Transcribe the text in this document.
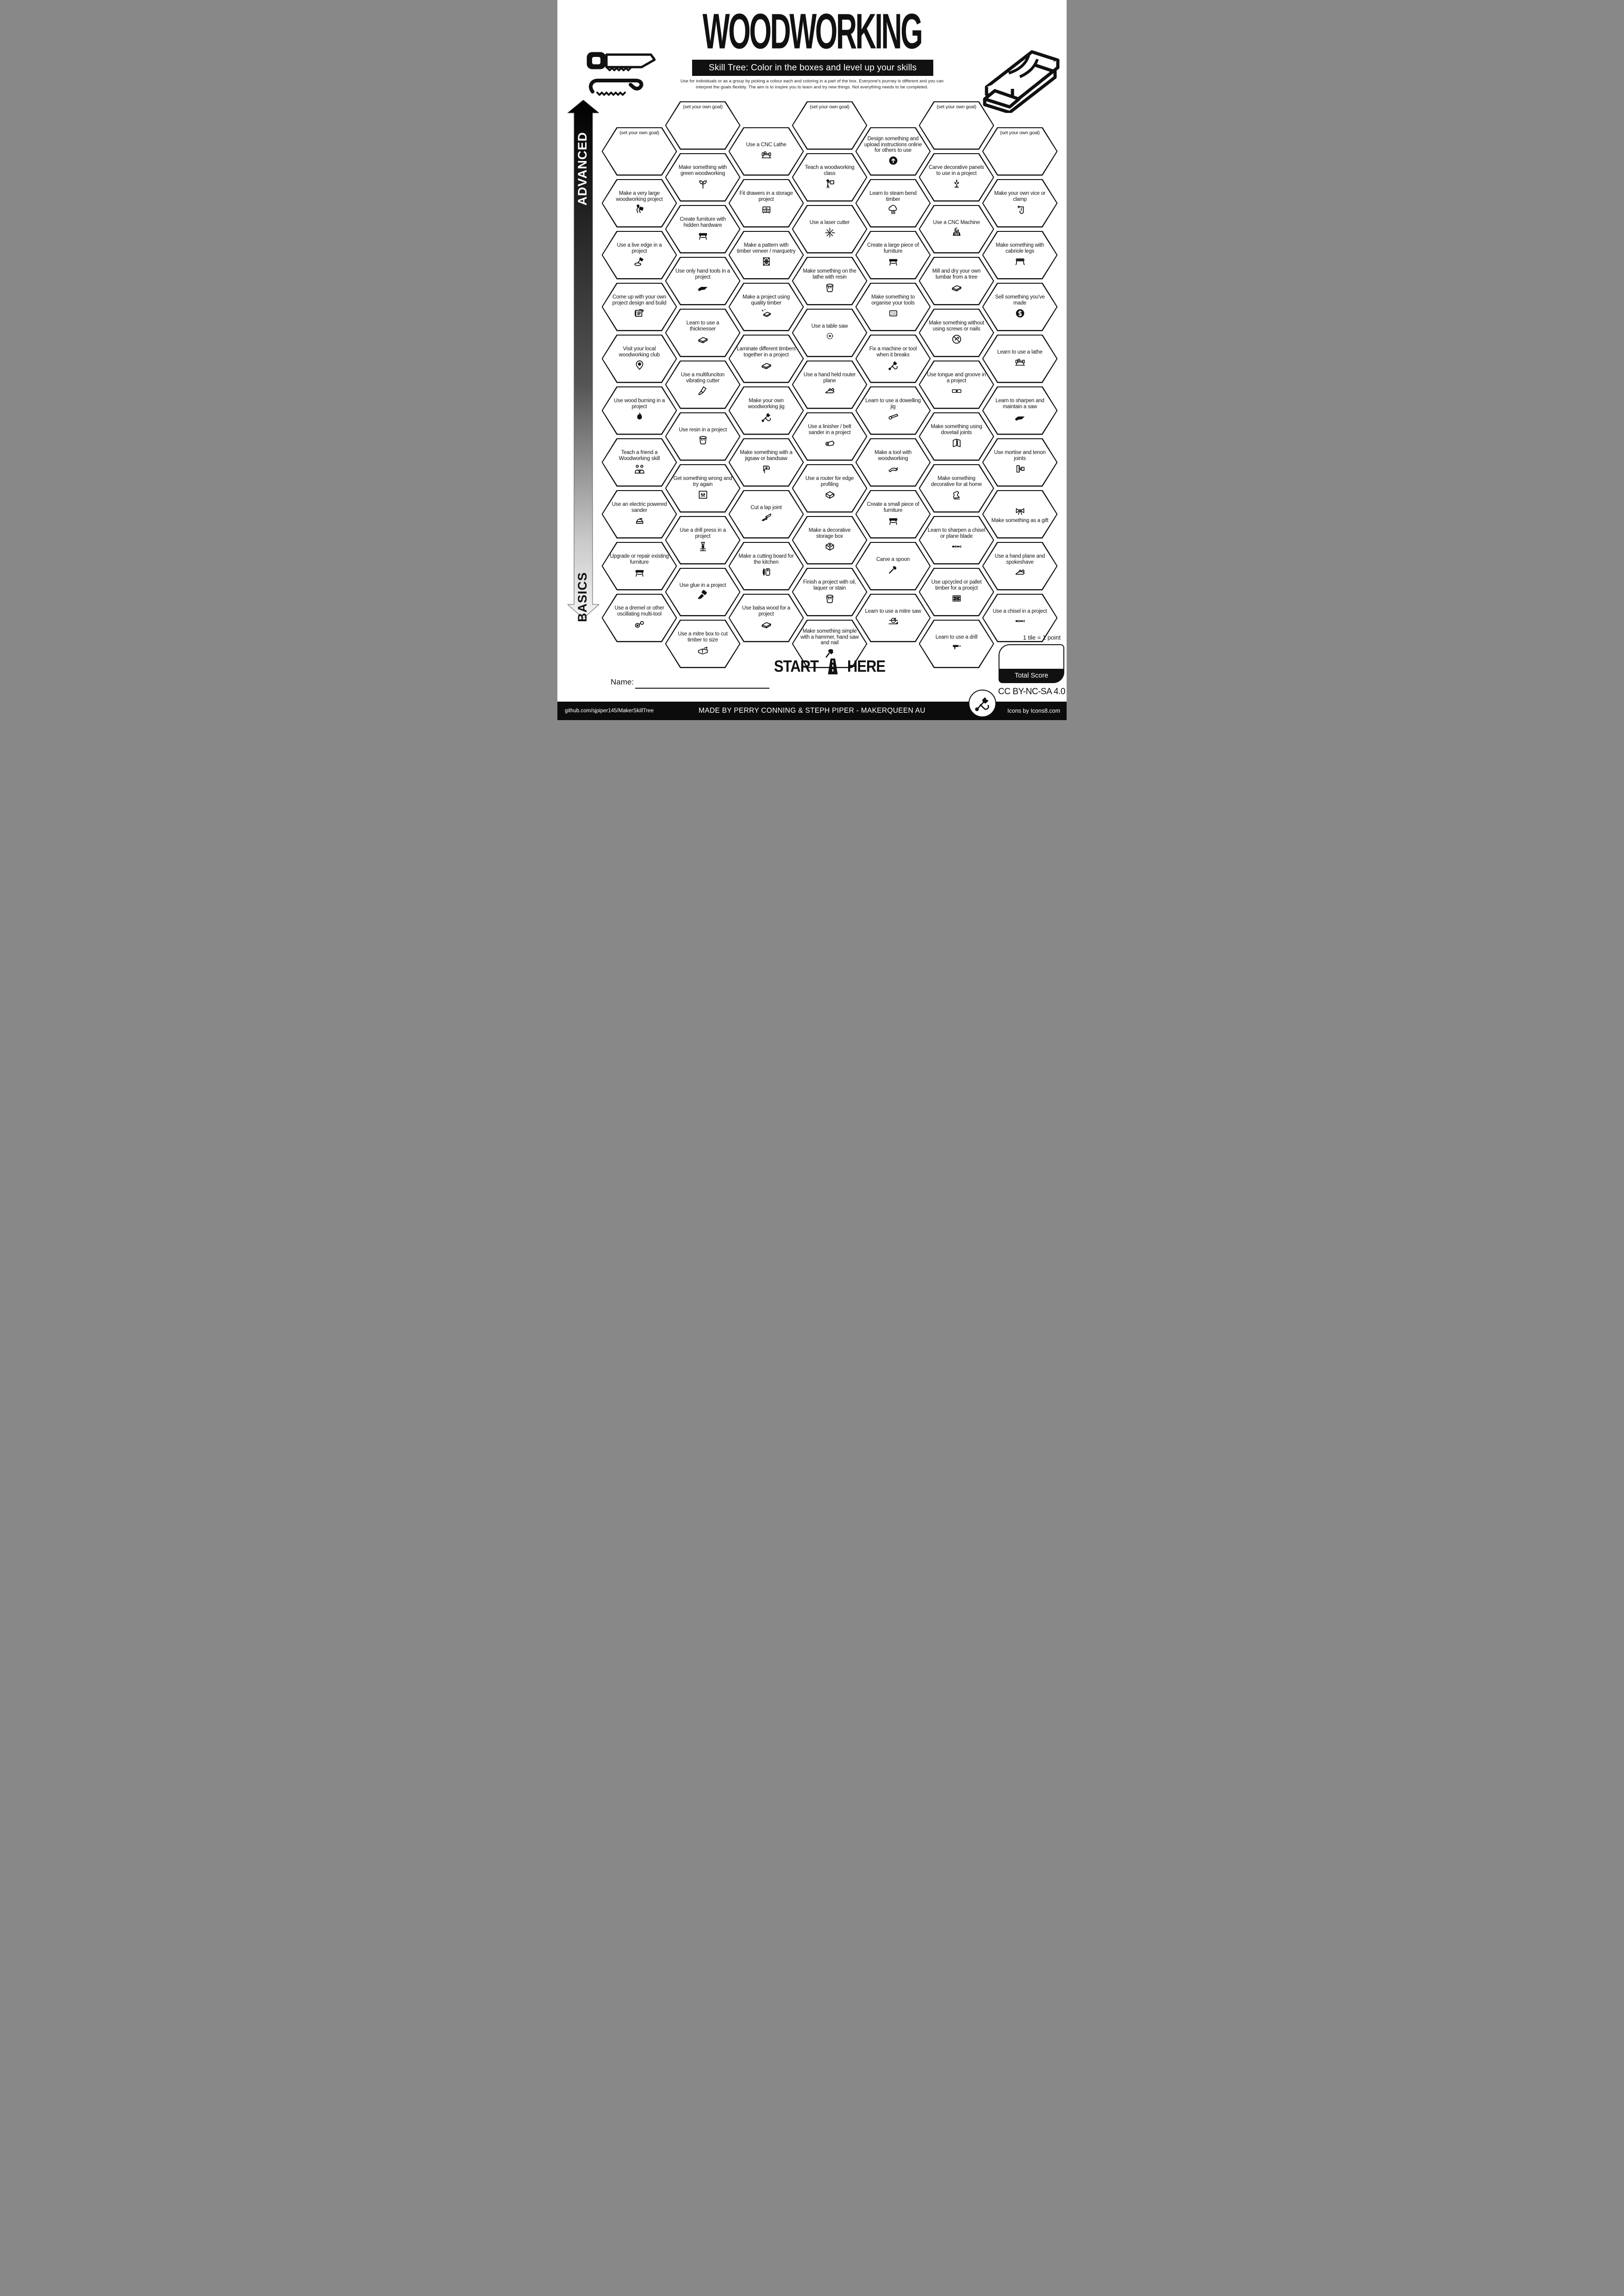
WOODWORKING
Skill Tree: Color in the boxes and level up your skills
Use for individuals or as a group by picking a colour each and coloring in a part of the box. Everyone's journey is different and you can
interpret the goals flexibly. The aim is to inspire you to learn and try new things. Not everything needs to be completed.
ADVANCED
BASICS
(set your own goal)
Make a very large woodworking project
Use a live edge in a project
Come up with your own project design and build
Visit your local woodworking club
Use wood burning in a project
Teach a friend a Woodworking skill
Use an electric powered sander
Upgrade or repair existing furniture
Use a dremel or other oscillating multi-tool
(set your own goal)
Make something with green woodworking
Create furniture with hidden hardware
Use only hand tools in a project
Learn to use a thicknesser
Use a multifunciton vibrating cutter
Use resin in a project
Get something wrong and try again
Use a drill press in a project
Use glue in a project
Use a mitre box to cut timber to size
Use a CNC Lathe
Fit drawers in a storage project
Make a pattern with timber veneer / marquetry
Make a project using quality timber
Laminate different timbers together in a project
Make your own woodworking jig
Make something with a jigsaw or bandsaw
Cut a lap joint
Make a cutting board for the kitchen
Use balsa wood for a project
(set your own goal)
Teach a woodworking class
Use a laser cutter
Make something on the lathe with resin
Use a table saw
Use a hand held router plane
Use a linisher / belt sander in a project
Use a router for edge profiling
Make a decorative storage box
Finish a project with oil, laquer or stain
Make something simple with a hammer, hand saw and nail
Design something and upload instructions online for others to use
Learn to steam bend timber
Create a large piece of furniture
Make something to organise your tools
Fix a machine or tool when it breaks
Learn to use a dowelling jig
Make a tool with woodworking
Create a small piece of furniture
Carve a spoon
Learn to use a mitre saw
(set your own goal)
Carve decorative panels to use in a project
Use a CNC Machine
Mill and dry your own lumbar from a tree
Make something without using screws or nails
Use tongue and groove in a project
Make something using dovetail joints
Make something decorative for at home
Learn to sharpen a chisel or plane blade
Use upcycled or pallet timber for a proejct
Learn to use a drill
(set your own goal)
Make your own vice or clamp
Make something with cabriole legs
Sell something you've made
Learn to use a lathe
Learn to sharpen and maintain a saw
Use mortise and tenon joints
Make something as a gift
Use a hand plane and spokeshave
Use a chisel in a project
START HERE
Name:
1 tile = 1 point
Total Score
CC BY-NC-SA 4.0
github.com/sjpiper145/MakerSkillTree	MADE BY PERRY CONNING & STEPH PIPER - MAKERQUEEN AU	Icons by Icons8.com
